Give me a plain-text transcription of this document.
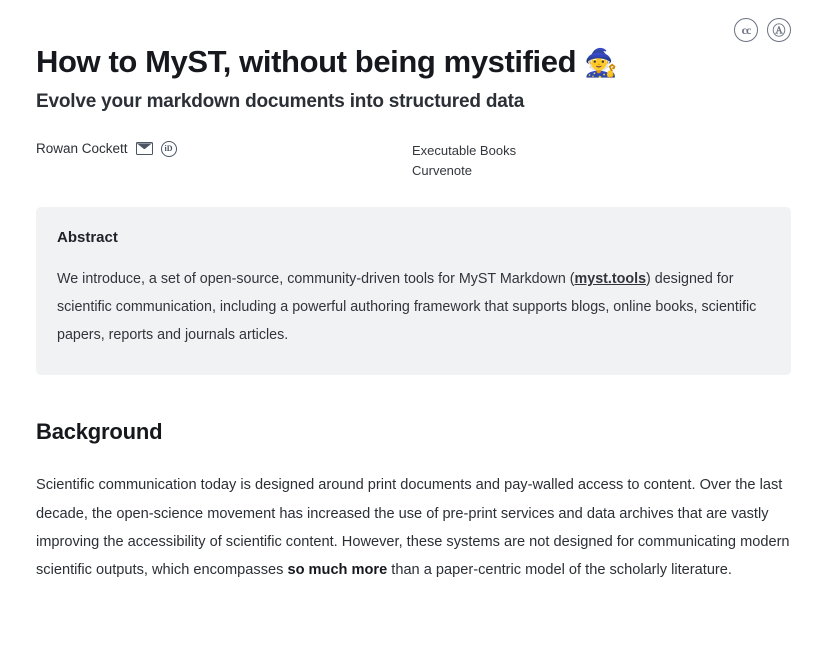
cc	Ⓐ
How to MyST, without being mystified 🧙
Evolve your markdown documents into structured data
Rowan Cockett	iD	Executable Books
Curvenote
Abstract

We introduce, a set of open-source, community-driven tools for MyST Markdown (myst.tools) designed for scientific communication, including a powerful authoring framework that supports blogs, online books, scientific papers, reports and journals articles.

Background

Scientific communication today is designed around print documents and pay-walled access to content. Over the last decade, the open-science movement has increased the use of pre-print services and data archives that are vastly improving the accessibility of scientific content. However, these systems are not designed for communicating modern scientific outputs, which encompasses so much more than a paper-centric model of the scholarly literature.
